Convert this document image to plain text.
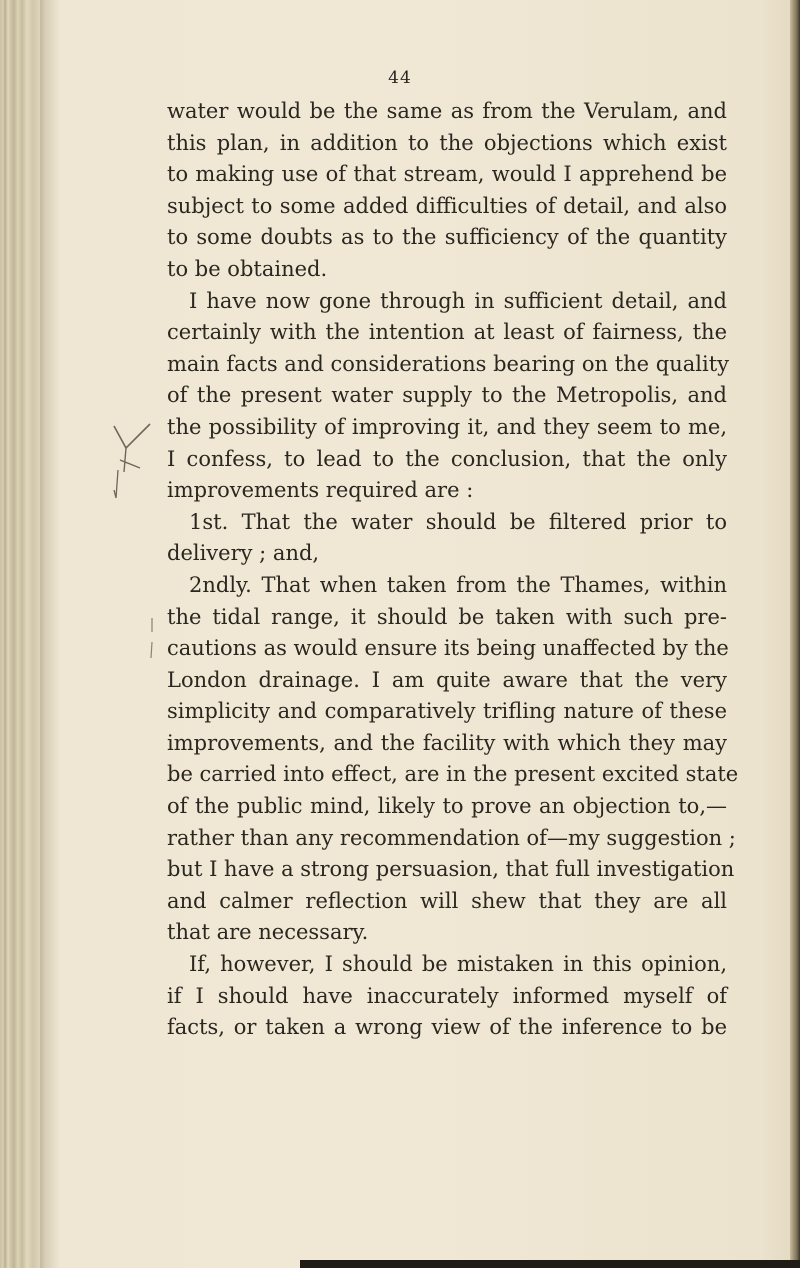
44
water would be the same as from the Verulam, and
this plan, in addition to the objections which exist
to making use of that stream, would I apprehend be
subject to some added difficulties of detail, and also
to some doubts as to the sufficiency of the quantity
to be obtained.
I have now gone through in sufficient detail, and
certainly with the intention at least of fairness, the
main facts and considerations bearing on the quality
of the present water supply to the Metropolis, and
the possibility of improving it, and they seem to me,
I confess, to lead to the conclusion, that the only
improvements required are :
1st. That the water should be filtered prior to
delivery ; and,
2ndly. That when taken from the Thames, within
the tidal range, it should be taken with such pre-
cautions as would ensure its being unaffected by the
London drainage. I am quite aware that the very
simplicity and comparatively trifling nature of these
improvements, and the facility with which they may
be carried into effect, are in the present excited state
of the public mind, likely to prove an objection to,—
rather than any recommendation of—my suggestion ;
but I have a strong persuasion, that full investigation
and calmer reflection will shew that they are all
that are necessary.
If, however, I should be mistaken in this opinion,
if I should have inaccurately informed myself of
facts, or taken a wrong view of the inference to be
